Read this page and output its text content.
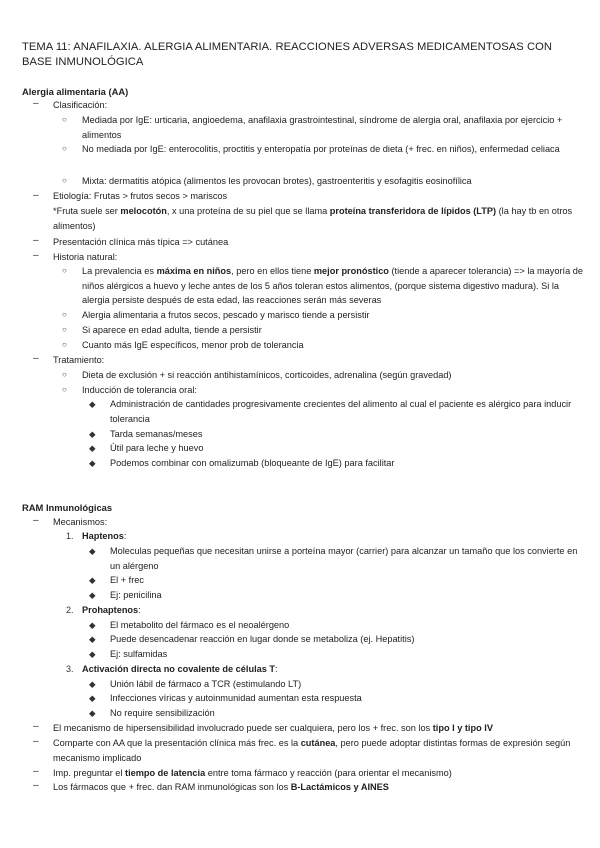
TEMA 11: ANAFILAXIA. ALERGIA ALIMENTARIA. REACCIONES ADVERSAS MEDICAMENTOSAS CON BASE INMUNOLÓGICA

Alergia alimentaria (AA)

– Clasificación:

○ Mediada por IgE: urticaria, angioedema, anafilaxia grastrointestinal, síndrome de alergia oral, anafilaxia por ejercicio + alimentos

○ No mediada por IgE: enterocolitis, proctitis y enteropatía por proteínas de dieta (+ frec. en niños), enfermedad celiaca

○ Mixta: dermatitis atópica (alimentos les provocan brotes), gastroenteritis y esofagitis eosinofílica

– Etiología: Frutas > frutos secos > mariscos

*Fruta suele ser melocotón, x una proteína de su piel que se llama proteína transferidora de lípidos (LTP) (la hay tb en otros alimentos)

– Presentación clínica más típica => cutánea

– Historia natural:

○ La prevalencia es máxima en niños, pero en ellos tiene mejor pronóstico (tiende a aparecer tolerancia) => la mayoría de niños alérgicos a huevo y leche antes de los 5 años toleran estos alimentos, (porque sistema digestivo madura). Si la alergia persiste después de esta edad, las reacciones serán más severas

○ Alergia alimentaria a frutos secos, pescado y marisco tiende a persistir

○ Si aparece en edad adulta, tiende a persistir

○ Cuanto más IgE específicos, menor prob de tolerancia

– Tratamiento:

○ Dieta de exclusión + si reacción antihistamínicos, corticoides, adrenalina (según gravedad)

○ Inducción de tolerancia oral:

◆ Administración de cantidades progresivamente crecientes del alimento al cual el paciente es alérgico para inducir tolerancia

◆ Tarda semanas/meses

◆ Útil para leche y huevo

◆ Podemos combinar con omalizumab (bloqueante de IgE) para facilitar

RAM Inmunológicas

– Mecanismos:

1. Haptenos:

◆ Moleculas pequeñas que necesitan unirse a porteína mayor (carrier) para alcanzar un tamaño que los convierte en un alérgeno

◆ El + frec

◆ Ej: penicilina

2. Prohaptenos:

◆ El metabolito del fármaco es el neoalérgeno

◆ Puede desencadenar reacción en lugar donde se metaboliza (ej. Hepatitis)

◆ Ej: sulfamidas

3. Activación directa no covalente de células T:

◆ Unión lábil de fármaco a TCR (estimulando LT)

◆ Infecciones víricas y autoinmunidad aumentan esta respuesta

◆ No require sensibilización

– El mecanismo de hipersensibilidad involucrado puede ser cualquiera, pero los + frec. son los tipo I y tipo IV

– Comparte con AA que la presentación clínica más frec. es la cutánea, pero puede adoptar distintas formas de expresión según mecanismo implicado

– Imp. preguntar el tiempo de latencia entre toma fármaco y reacción (para orientar el mecanismo)

– Los fármacos que + frec. dan RAM inmunológicas son los B-Lactámicos y AINES
